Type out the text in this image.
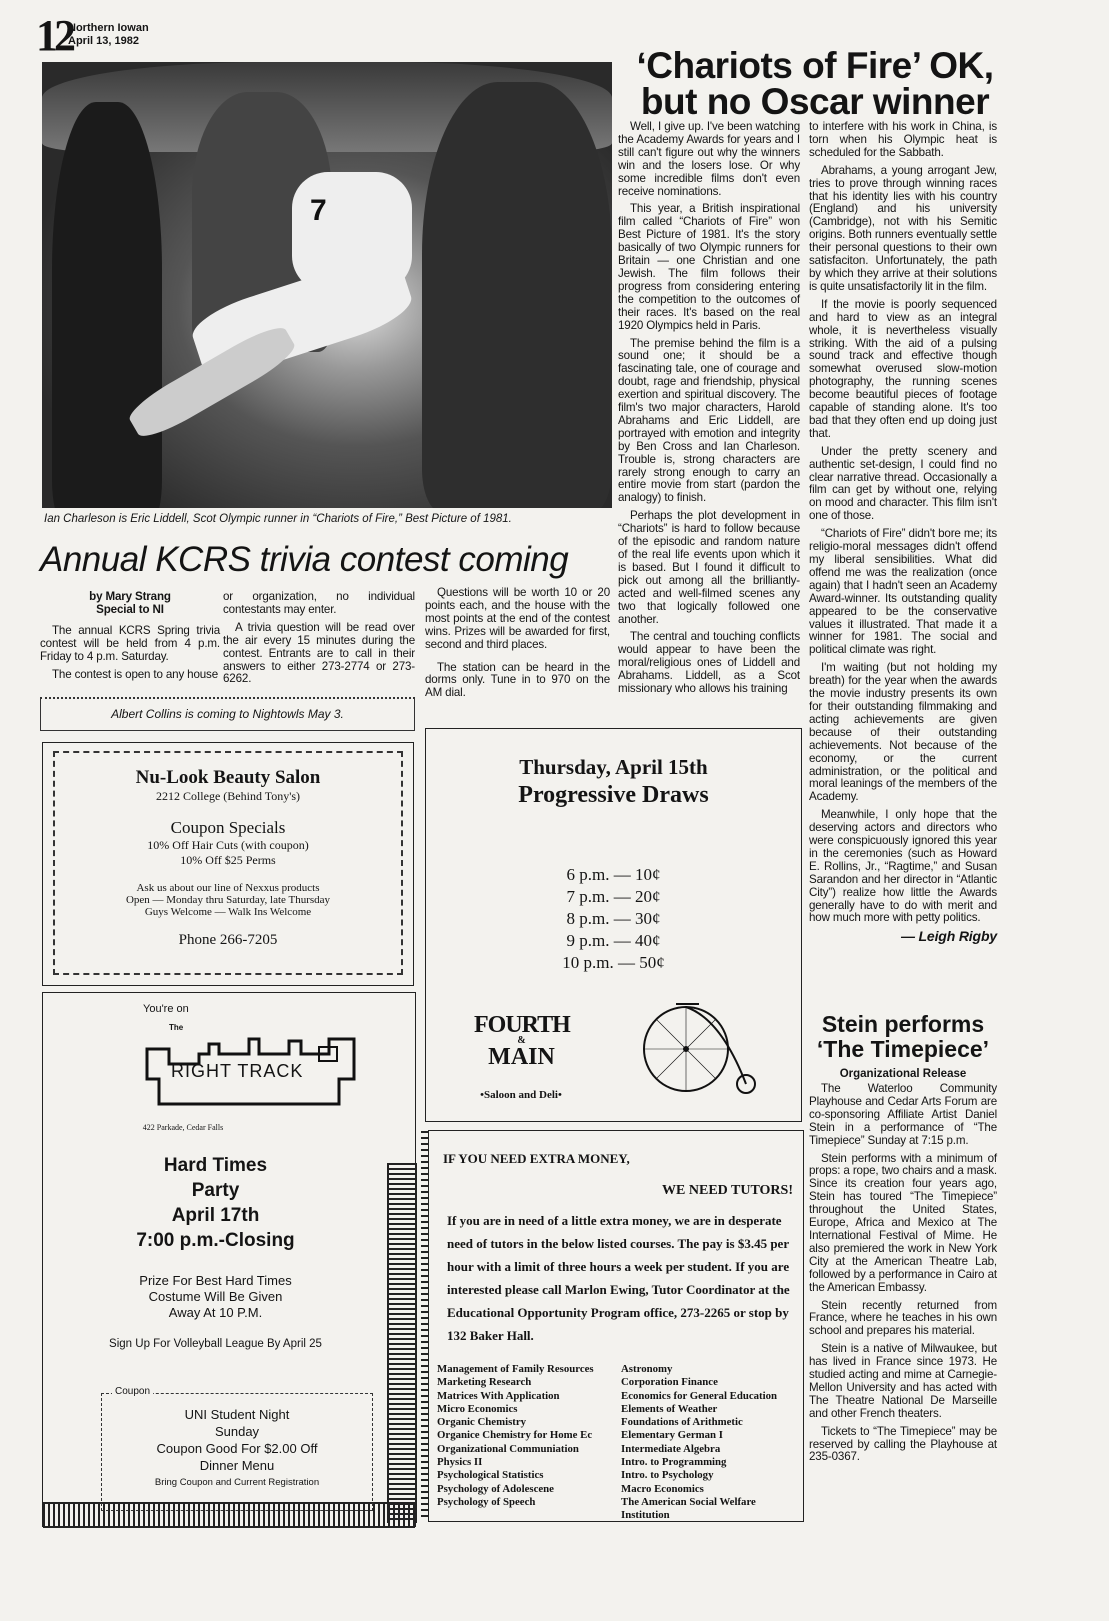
12
Northern Iowan
April 13, 1982
7
Ian Charleson is Eric Liddell, Scot Olympic runner in “Chariots of Fire,” Best Picture of 1981.
‘Chariots of Fire’ OK,
but no Oscar winner

Well, I give up. I've been watching the Academy Awards for years and I still can't figure out why the winners win and the losers lose. Or why some incredible films don't even receive nominations.

This year, a British inspirational film called “Chariots of Fire” won Best Picture of 1981. It's the story basically of two Olympic runners for Britain — one Christian and one Jewish. The film follows their progress from considering entering the competition to the outcomes of their races. It's based on the real 1920 Olympics held in Paris.

The premise behind the film is a sound one; it should be a fascinating tale, one of courage and doubt, rage and friendship, physical exertion and spiritual discovery. The film's two major characters, Harold Abrahams and Eric Liddell, are portrayed with emotion and integrity by Ben Cross and Ian Charleson. Trouble is, strong characters are rarely strong enough to carry an entire movie from start (pardon the analogy) to finish.

Perhaps the plot development in “Chariots” is hard to follow because of the episodic and random nature of the real life events upon which it is based. But I found it difficult to pick out among all the brilliantly-acted and well-filmed scenes any two that logically followed one another.

The central and touching conflicts would appear to have been the moral/religious ones of Liddell and Abrahams. Liddell, as a Scot missionary who allows his training

to interfere with his work in China, is torn when his Olympic heat is scheduled for the Sabbath.

Abrahams, a young arrogant Jew, tries to prove through winning races that his identity lies with his country (England) and his university (Cambridge), not with his Semitic origins. Both runners eventually settle their personal questions to their own satisfaciton. Unfortunately, the path by which they arrive at their solutions is quite unsatisfactorily lit in the film.

If the movie is poorly sequenced and hard to view as an integral whole, it is nevertheless visually striking. With the aid of a pulsing sound track and effective though somewhat overused slow-motion photography, the running scenes become beautiful pieces of footage capable of standing alone. It's too bad that they often end up doing just that.

Under the pretty scenery and authentic set-design, I could find no clear narrative thread. Occasionally a film can get by without one, relying on mood and character. This film isn't one of those.

“Chariots of Fire” didn't bore me; its religio-moral messages didn't offend my liberal sensibilities. What did offend me was the realization (once again) that I hadn't seen an Academy Award-winner. Its outstanding quality appeared to be the conservative values it illustrated. That made it a winner for 1981. The social and political climate was right.

I'm waiting (but not holding my breath) for the year when the awards the movie industry presents its own for their outstanding filmmaking and acting achievements are given because of their outstanding achievements. Not because of the economy, or the current administration, or the political and moral leanings of the members of the Academy.

Meanwhile, I only hope that the deserving actors and directors who were conspicuously ignored this year in the ceremonies (such as Howard E. Rollins, Jr., “Ragtime,” and Susan Sarandon and her director in “Atlantic City”) realize how little the Awards generally have to do with merit and how much more with petty politics.

— Leigh Rigby
Stein performs
‘The Timepiece’
Organizational Release

The Waterloo Community Playhouse and Cedar Arts Forum are co-sponsoring Affiliate Artist Daniel Stein in a performance of “The Timepiece” Sunday at 7:15 p.m.

Stein performs with a minimum of props: a rope, two chairs and a mask. Since its creation four years ago, Stein has toured “The Timepiece” throughout the United States, Europe, Africa and Mexico at The International Festival of Mime. He also premiered the work in New York City at the American Theatre Lab, followed by a performance in Cairo at the American Embassy.

Stein recently returned from France, where he teaches in his own school and prepares his material.

Stein is a native of Milwaukee, but has lived in France since 1973. He studied acting and mime at Carnegie-Mellon University and has acted with The Theatre National De Marseille and other French theaters.

Tickets to “The Timepiece” may be reserved by calling the Playhouse at 235-0367.

Annual KCRS trivia contest coming

by Mary Strang

Special to NI

The annual KCRS Spring trivia contest will be held from 4 p.m. Friday to 4 p.m. Saturday.

The contest is open to any house

or organization, no individual contestants may enter.

A trivia question will be read over the air every 15 minutes during the contest. Entrants are to call in their answers to either 273-2774 or 273-6262.

Questions will be worth 10 or 20 points each, and the house with the most points at the end of the contest wins. Prizes will be awarded for first, second and third places.

The station can be heard in the dorms only. Tune in to 970 on the AM dial.

Albert Collins is coming to Nightowls May 3.
Nu-Look Beauty Salon
2212 College (Behind Tony's)
Coupon Specials
10% Off Hair Cuts (with coupon)
10% Off $25 Perms
Ask us about our line of Nexxus products
Open — Monday thru Saturday, late Thursday
Guys Welcome — Walk Ins Welcome
Phone 266-7205
You're on
The
RIGHT TRACK
422 Parkade, Cedar Falls
Hard Times
Party
April 17th
7:00 p.m.-Closing
Prize For Best Hard Times
Costume Will Be Given
Away At 10 P.M.
Sign Up For Volleyball League By April 25
Coupon
UNI Student Night
Sunday
Coupon Good For $2.00 Off
Dinner Menu
Bring Coupon and Current Registration
Thursday, April 15th
Progressive Draws
6 p.m. — 10¢
7 p.m. — 20¢
8 p.m. — 30¢
9 p.m. — 40¢
10 p.m. — 50¢
FOURTH
&
MAIN
•Saloon and Deli•
IF YOU NEED EXTRA MONEY,
WE NEED TUTORS!
If you are in need of a little extra money, we are in desperate need of tutors in the below listed courses. The pay is $3.45 per hour with a limit of three hours a week per student. If you are interested please call Marlon Ewing, Tutor Coordinator at the Educational Opportunity Program office, 273-2265 or stop by 132 Baker Hall.
Management of Family Resources
Marketing Research
Matrices With Application
Micro Economics
Organic Chemistry
Organice Chemistry for Home Ec
Organizational Communiation
Physics II
Psychological Statistics
Psychology of Adolescene
Psychology of Speech
Astronomy
Corporation Finance
Economics for General Education
Elements of Weather
Foundations of Arithmetic
Elementary German I
Intermediate Algebra
Intro. to Programming
Intro. to Psychology
Macro Economics
The American Social Welfare Institution
